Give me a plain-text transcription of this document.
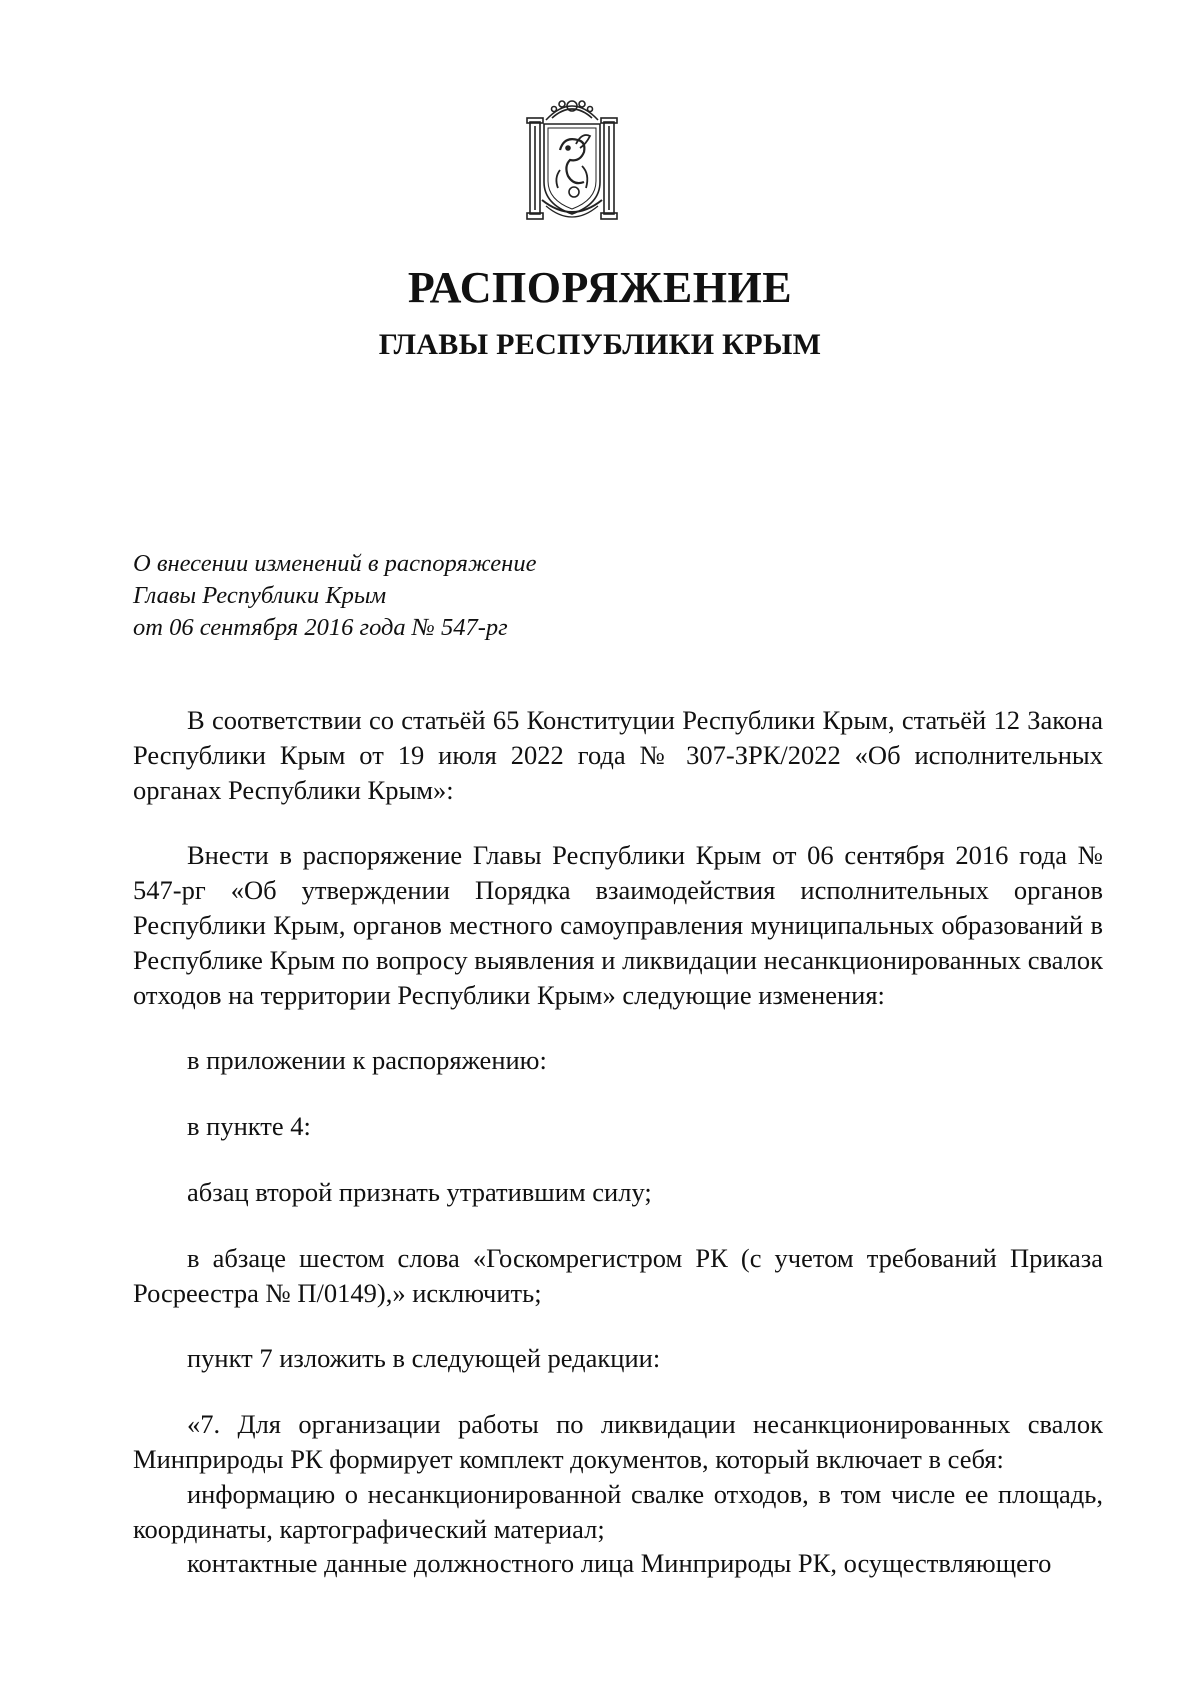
РАСПОРЯЖЕНИЕ
ГЛАВЫ РЕСПУБЛИКИ КРЫМ
О внесении изменений в распоряжение
Главы Республики Крым
от 06 сентября 2016 года № 547-рг

В соответствии со статьёй 65 Конституции Республики Крым, статьёй 12 Закона Республики Крым от 19 июля 2022 года № 307-ЗРК/2022 «Об исполнительных органах Республики Крым»:

Внести в распоряжение Главы Республики Крым от 06 сентября 2016 года № 547-рг «Об утверждении Порядка взаимодействия исполнительных органов Республики Крым, органов местного самоуправления муниципальных образований в Республике Крым по вопросу выявления и ликвидации несанкционированных свалок отходов на территории Республики Крым» следующие изменения:

в приложении к распоряжению:

в пункте 4:

абзац второй признать утратившим силу;

в абзаце шестом слова «Госкомрегистром РК (с учетом требований Приказа Росреестра № П/0149),» исключить;

пункт 7 изложить в следующей редакции:

«7. Для организации работы по ликвидации несанкционированных свалок Минприроды РК формирует комплект документов, который включает в себя:

информацию о несанкционированной свалке отходов, в том числе ее площадь, координаты, картографический материал;

контактные данные должностного лица Минприроды РК, осуществляющего
